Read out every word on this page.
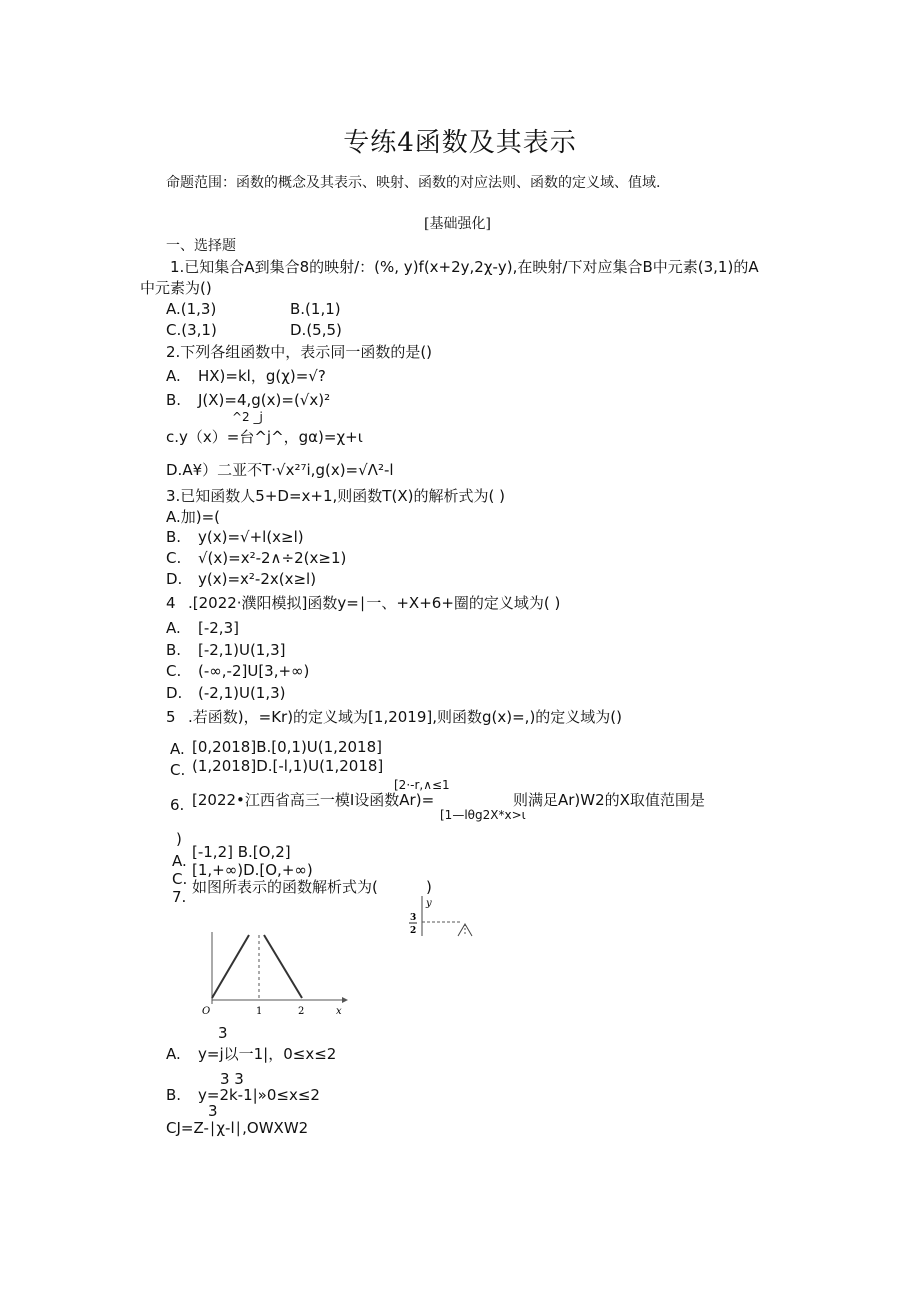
专练4函数及其表示
命题范围：函数的概念及其表示、映射、函数的对应法则、函数的定义域、值域.
[基础强化]
一、选择题
1.已知集合A到集合8的映射/：(%, y)f(x+2y,2χ-y),在映射/下对应集合B中元素(3,1)的A
中元素为()
A.(1,3)	B.(1,1)
C.(3,1)	D.(5,5)
2.下列各组函数中，表示同一函数的是()
A. HX)=kl，g(χ)=√?
B. J(X)=4,g(x)=(√x)²
^2 _j
c.y（x）=台^j^，gα)=χ+ι
D.A¥）二亚不T·√x²⁷i,g(x)=√Λ²-l
3.已知函数人5+D=x+1,则函数T(X)的解析式为( )
A.加)=(
B. y(x)=√+l(x≥l)
C. √(x)=x²-2∧÷2(x≥1)
D. y(x)=x²-2x(x≥l)
4 .[2022·濮阳模拟]函数y=∣一、+X+6+圈的定义域为( )
A. [-2,3]
B. [-2,1)U(1,3]
C. (-∞,-2]U[3,+∞)
D. (-2,1)U(1,3)
5 .若函数)，=Kr)的定义域为[1,2019],则函数g(x)=,)的定义域为()
A. [0,2018]B.[0,1)U(1,2018]
C. (1,2018]D.[-l,1)U(1,2018]
[2·-r,∧≤1
6. [2022•江西省高三一模I设函数Ar)=	则满足Ar)W2的X取值范围是
[1—lθg2X*x>ι
)
A. [-1,2] B.[O,2]
C. [1,+∞)D.[O,+∞)
7.
如图所表示的函数解析式为(	)
y
3
2
O	1	2	x
3
A. y=j以一1|，0≤x≤2
3 3
B. y=2k-1|»0≤x≤2
3
CJ=Z-∣χ-l∣,OWXW2
